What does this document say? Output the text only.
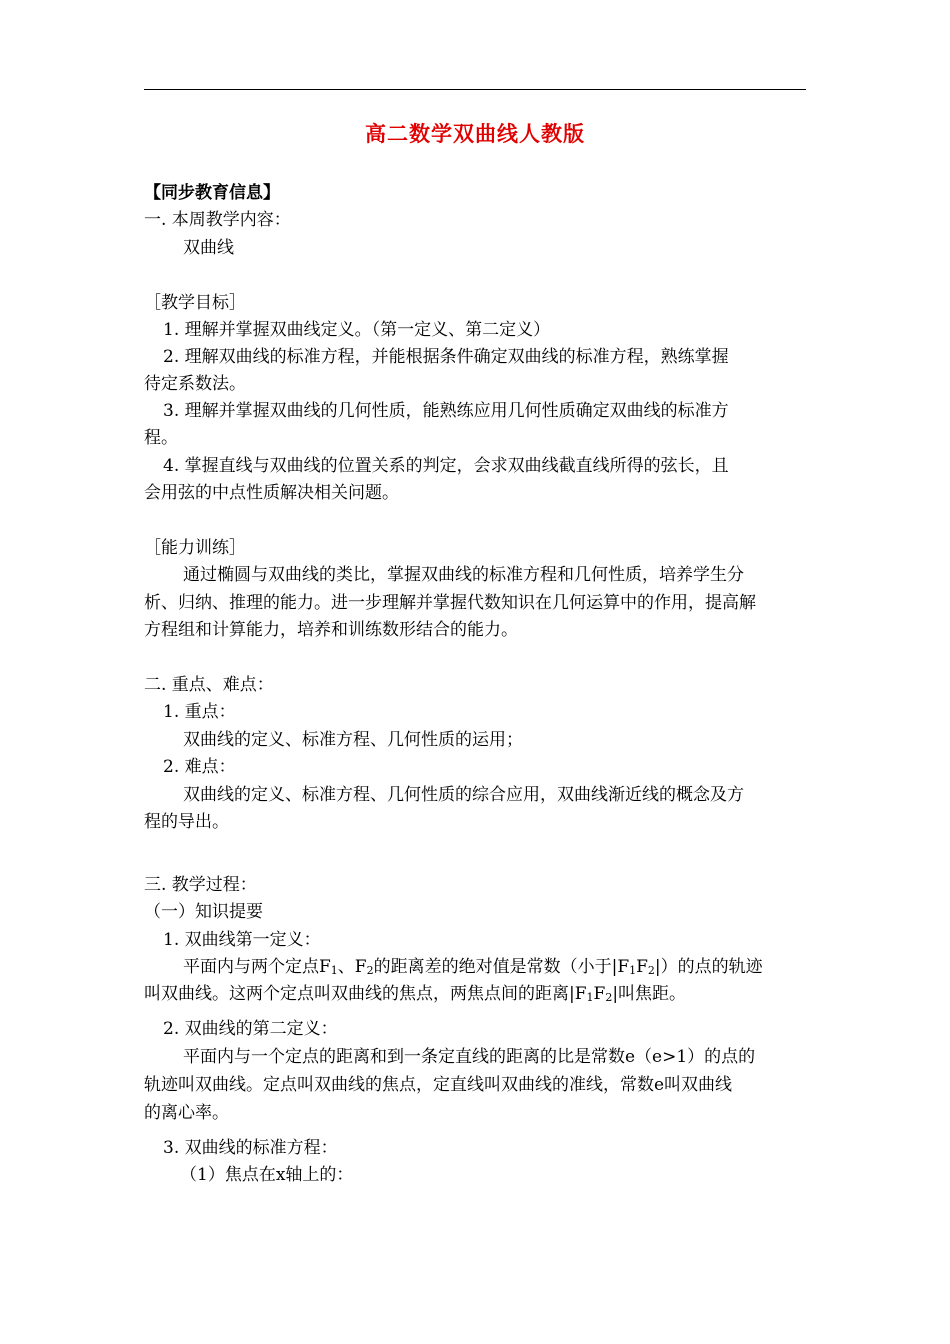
高二数学双曲线人教版
【同步教育信息】
一. 本周教学内容：
双曲线
［教学目标］
1. 理解并掌握双曲线定义。（第一定义、第二定义）
2. 理解双曲线的标准方程，并能根据条件确定双曲线的标准方程，熟练掌握
待定系数法。
3. 理解并掌握双曲线的几何性质，能熟练应用几何性质确定双曲线的标准方
程。
4. 掌握直线与双曲线的位置关系的判定，会求双曲线截直线所得的弦长，且
会用弦的中点性质解决相关问题。
［能力训练］
通过椭圆与双曲线的类比，掌握双曲线的标准方程和几何性质，培养学生分
析、归纳、推理的能力。进一步理解并掌握代数知识在几何运算中的作用，提高解
方程组和计算能力，培养和训练数形结合的能力。
二. 重点、难点：
1. 重点：
双曲线的定义、标准方程、几何性质的运用；
2. 难点：
双曲线的定义、标准方程、几何性质的综合应用，双曲线渐近线的概念及方
程的导出。
三. 教学过程：
（一）知识提要
1. 双曲线第一定义：
平面内与两个定点$F_1$、$F_2$的距离差的绝对值是常数（小于$|F_1F_2|$）的点的轨迹
叫双曲线。这两个定点叫双曲线的焦点，两焦点间的距离$|F_1F_2|$叫焦距。
2. 双曲线的第二定义：
平面内与一个定点的距离和到一条定直线的距离的比是常数e（e>1）的点的
轨迹叫双曲线。定点叫双曲线的焦点，定直线叫双曲线的准线，常数e叫双曲线
的离心率。
3. 双曲线的标准方程：
（1）焦点在x轴上的：
